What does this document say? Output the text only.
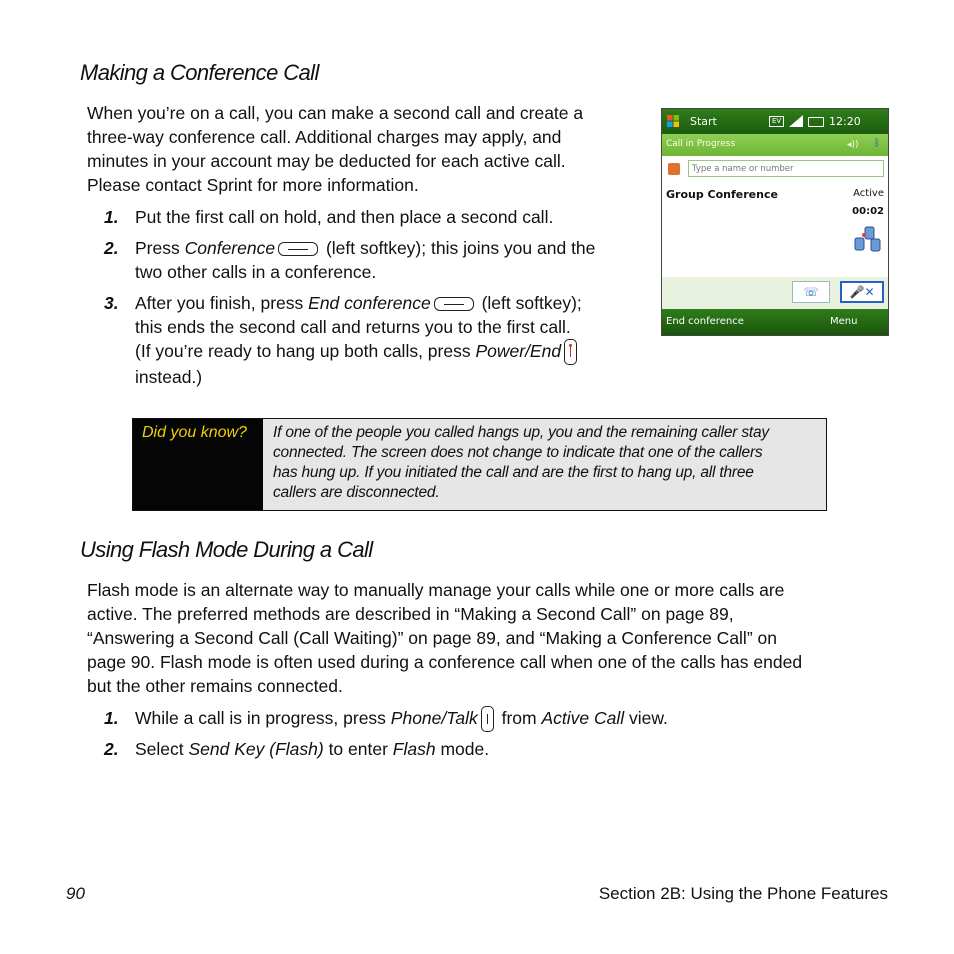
Making a Conference Call
When you’re on a call, you can make a second call and create a
three-way conference call. Additional charges may apply, and
minutes in your account may be deducted for each active call.
Please contact Sprint for more information.
1. Put the first call on hold, and then place a second call.
2. Press Conference	(left softkey); this joins you and the
two other calls in a conference.
3. After you finish, press End conference	(left softkey);
this ends the second call and returns you to the first call.
(If you’re ready to hang up both calls, press Power/End
instead.)
Start	EV	12:20
Call in Progress	◂)) ᛒ
Type a name or number
Group Conference	Active
00:02
☏	🎤✕
End conference	Menu
Did you know? If one of the people you called hangs up, you and the remaining caller stay
connected. The screen does not change to indicate that one of the callers
has hung up. If you initiated the call and are the first to hang up, all three
callers are disconnected.
Using Flash Mode During a Call
Flash mode is an alternate way to manually manage your calls while one or more calls are
active. The preferred methods are described in “Making a Second Call” on page 89,
“Answering a Second Call (Call Waiting)” on page 89, and “Making a Conference Call” on
page 90. Flash mode is often used during a conference call when one of the calls has ended
but the other remains connected.
1. While a call is in progress, press Phone/Talk
from Active Call view.
2. Select Send Key (Flash) to enter Flash mode.
90	Section 2B: Using the Phone Features
